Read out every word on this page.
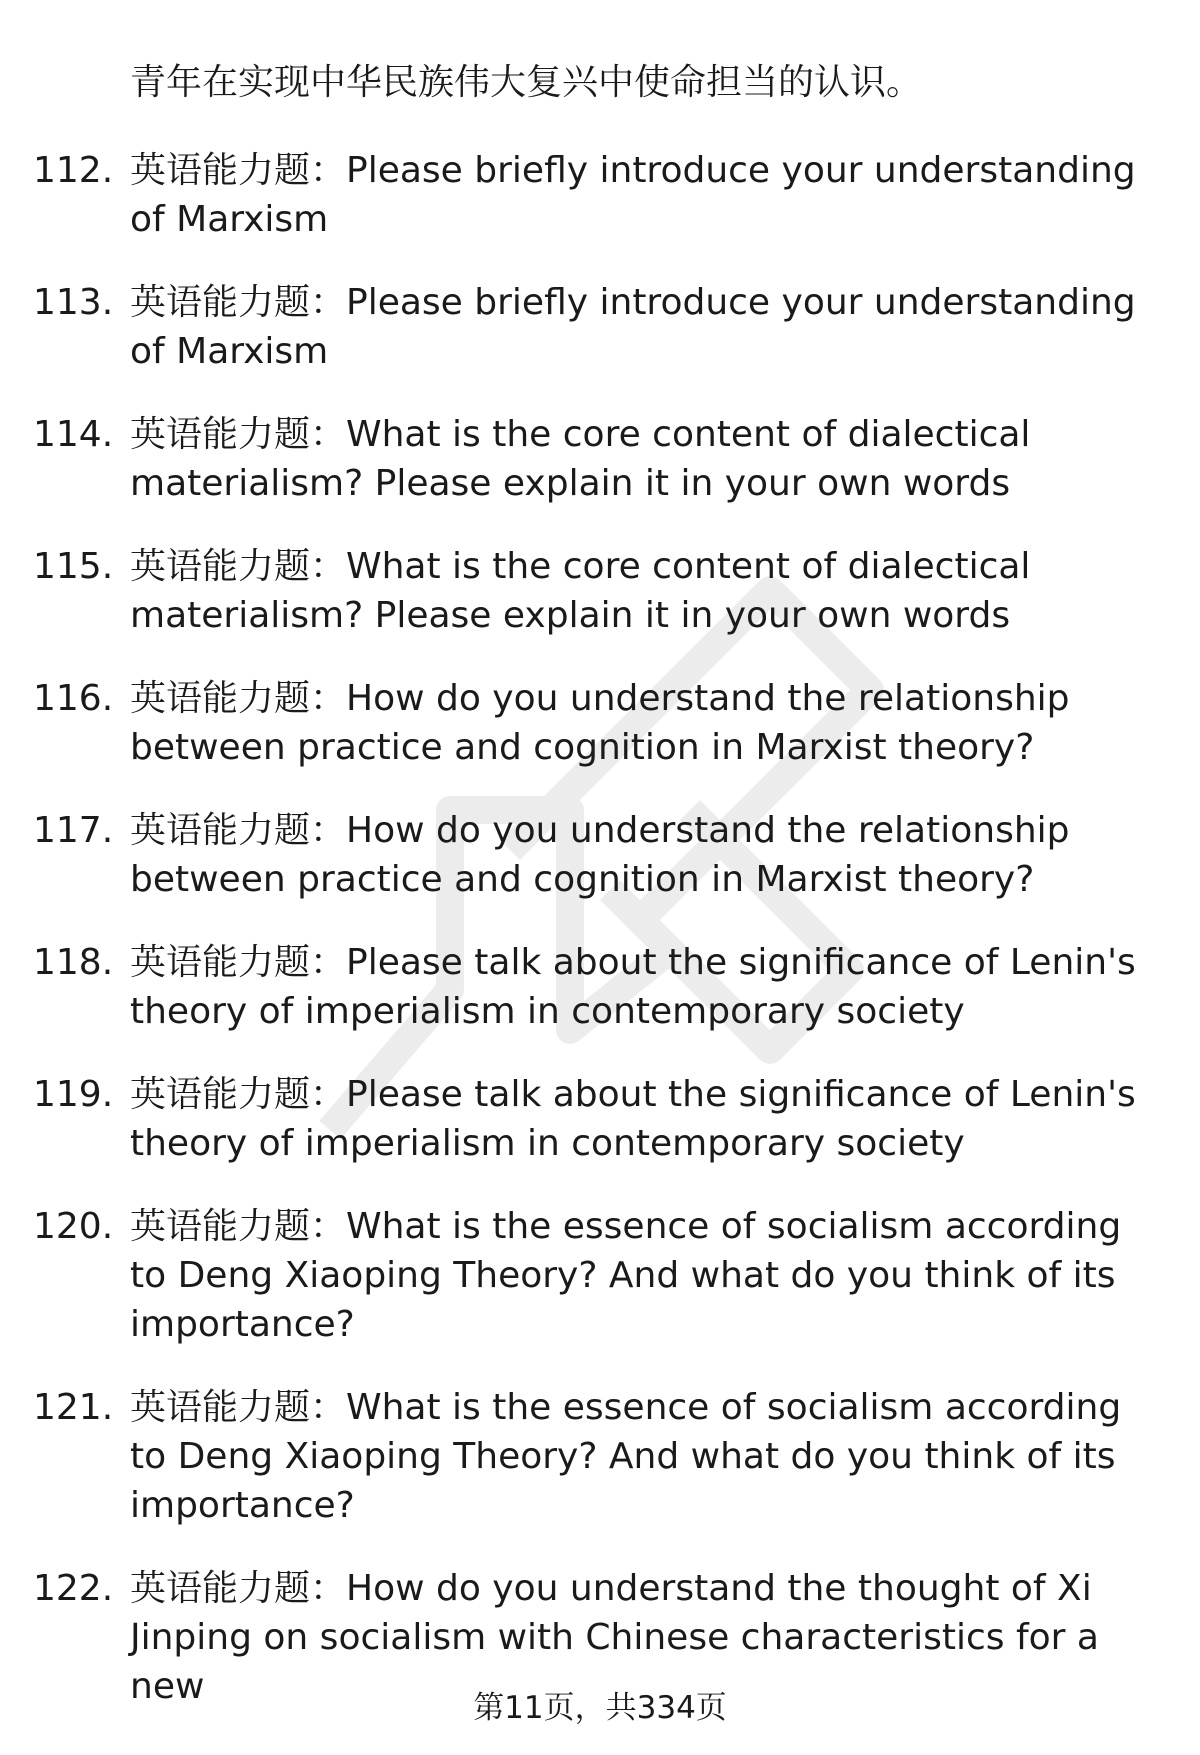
青年在实现中华民族伟大复兴中使命担当的认识。

112. 英语能力题：Please briefly introduce your understanding of Marxism
113. 英语能力题：Please briefly introduce your understanding of Marxism
114. 英语能力题：What is the core content of dialectical materialism? Please explain it in your own words
115. 英语能力题：What is the core content of dialectical materialism? Please explain it in your own words
116. 英语能力题：How do you understand the relationship between practice and cognition in Marxist theory?
117. 英语能力题：How do you understand the relationship between practice and cognition in Marxist theory?
118. 英语能力题：Please talk about the significance of Lenin's theory of imperialism in contemporary society
119. 英语能力题：Please talk about the significance of Lenin's theory of imperialism in contemporary society
120. 英语能力题：What is the essence of socialism according to Deng Xiaoping Theory? And what do you think of its importance?
121. 英语能力题：What is the essence of socialism according to Deng Xiaoping Theory? And what do you think of its importance?
122. 英语能力题：How do you understand the thought of Xi Jinping on socialism with Chinese characteristics for a new
第11页，共334页
